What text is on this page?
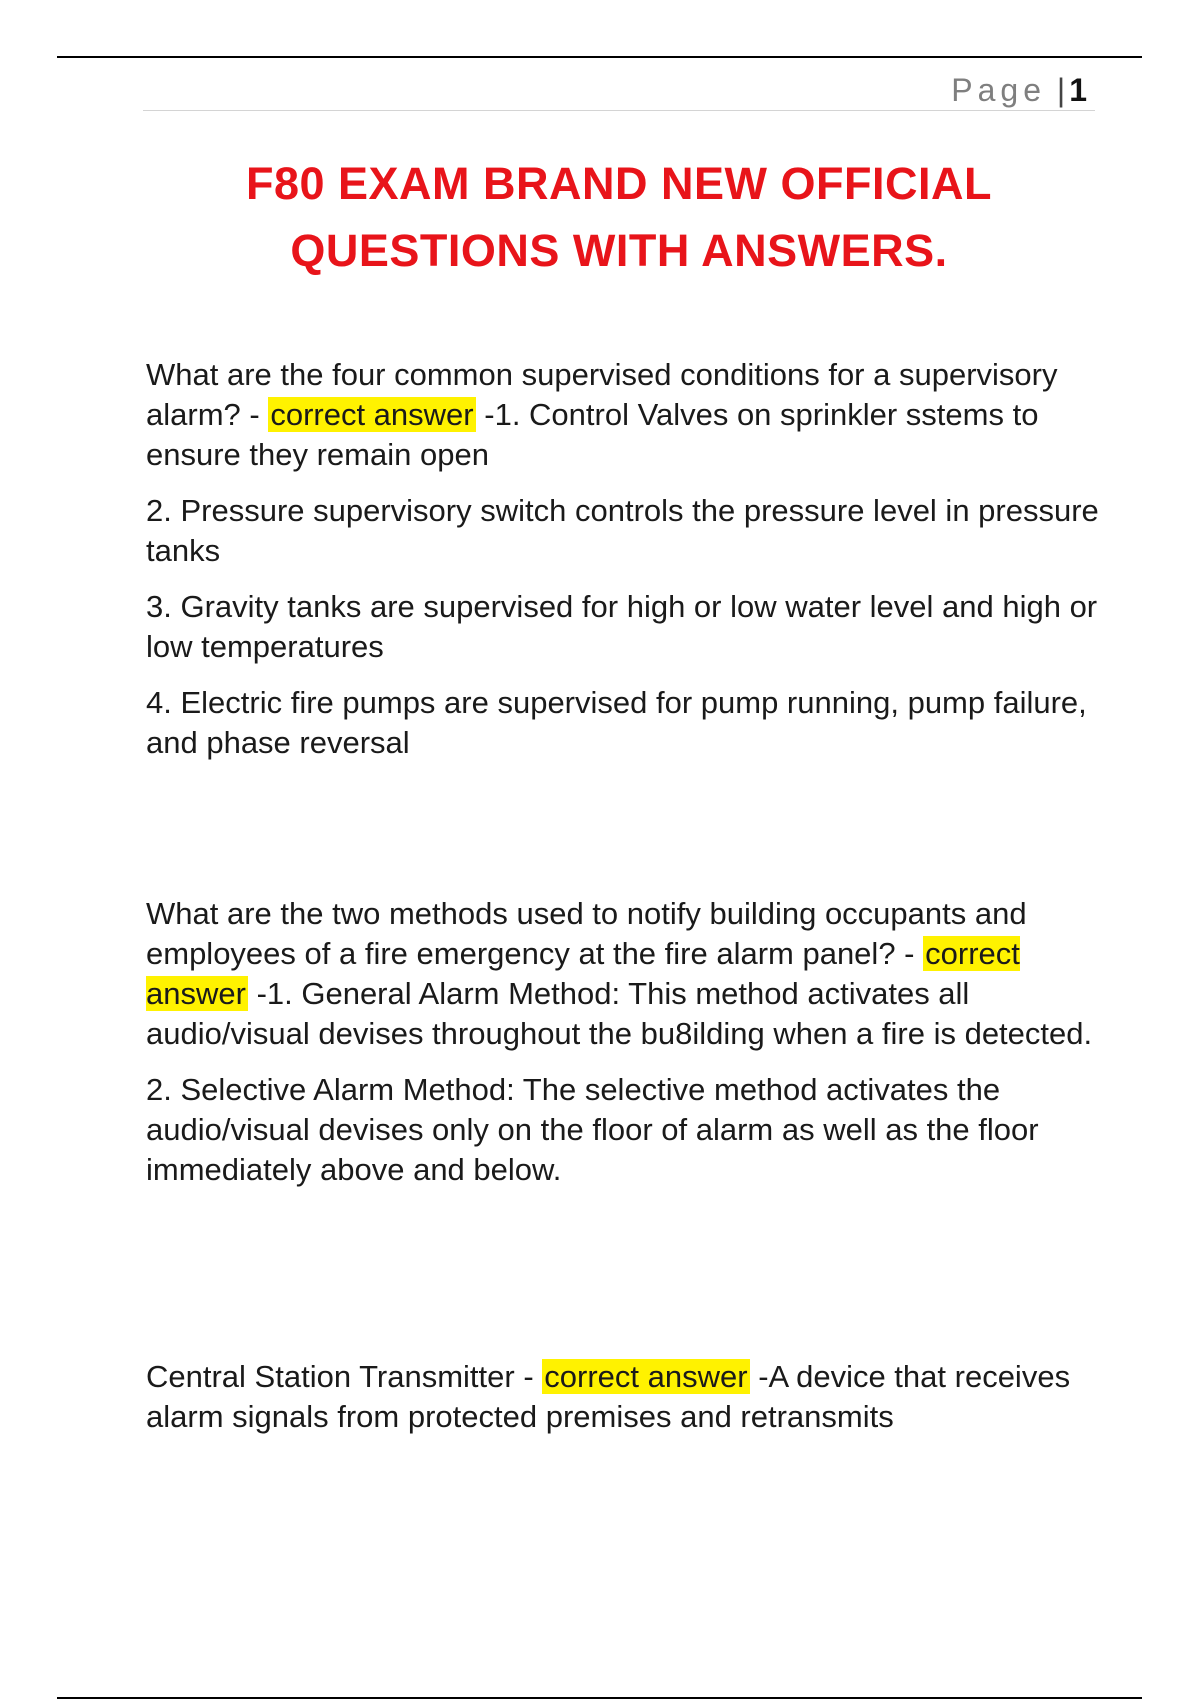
Page | 1
F80 EXAM BRAND NEW OFFICIAL
QUESTIONS WITH ANSWERS.

What are the four common supervised conditions for a supervisory alarm? - correct answer -1. Control Valves on sprinkler sstems to ensure they remain open

2. Pressure supervisory switch controls the pressure level in pressure tanks

3. Gravity tanks are supervised for high or low water level and high or low temperatures

4. Electric fire pumps are supervised for pump running, pump failure, and phase reversal

What are the two methods used to notify building occupants and employees of a fire emergency at the fire alarm panel? - correct answer -1. General Alarm Method: This method activates all audio/visual devises throughout the bu8ilding when a fire is detected.

2. Selective Alarm Method: The selective method activates the audio/visual devises only on the floor of alarm as well as the floor immediately above and below.

Central Station Transmitter - correct answer -A device that receives alarm signals from protected premises and retransmits
